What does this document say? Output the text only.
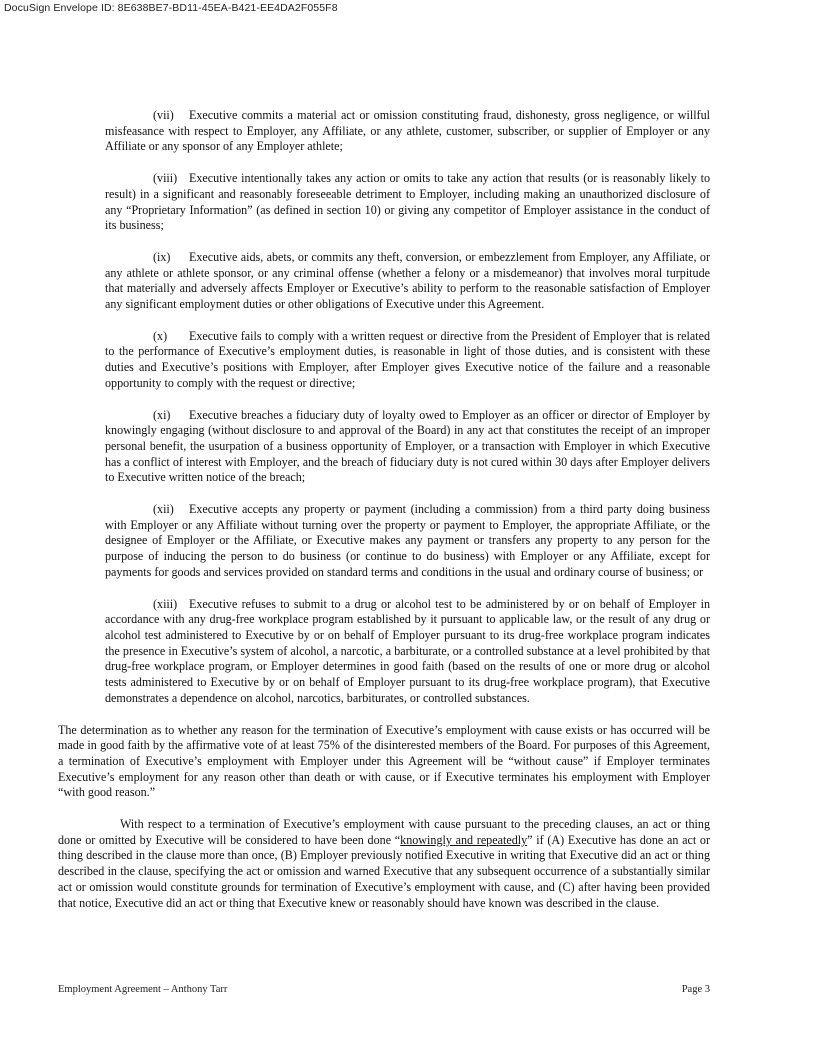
DocuSign Envelope ID: 8E638BE7-BD11-45EA-B421-EE4DA2F055F8

(vii) Executive commits a material act or omission constituting fraud, dishonesty, gross negligence, or willful misfeasance with respect to Employer, any Affiliate, or any athlete, customer, subscriber, or supplier of Employer or any Affiliate or any sponsor of any Employer athlete;

(viii) Executive intentionally takes any action or omits to take any action that results (or is reasonably likely to result) in a significant and reasonably foreseeable detriment to Employer, including making an unauthorized disclosure of any “Proprietary Information” (as defined in section 10) or giving any competitor of Employer assistance in the conduct of its business;

(ix) Executive aids, abets, or commits any theft, conversion, or embezzlement from Employer, any Affiliate, or any athlete or athlete sponsor, or any criminal offense (whether a felony or a misdemeanor) that involves moral turpitude that materially and adversely affects Employer or Executive’s ability to perform to the reasonable satisfaction of Employer any significant employment duties or other obligations of Executive under this Agreement.

(x) Executive fails to comply with a written request or directive from the President of Employer that is related to the performance of Executive’s employment duties, is reasonable in light of those duties, and is consistent with these duties and Executive’s positions with Employer, after Employer gives Executive notice of the failure and a reasonable opportunity to comply with the request or directive;

(xi) Executive breaches a fiduciary duty of loyalty owed to Employer as an officer or director of Employer by knowingly engaging (without disclosure to and approval of the Board) in any act that constitutes the receipt of an improper personal benefit, the usurpation of a business opportunity of Employer, or a transaction with Employer in which Executive has a conflict of interest with Employer, and the breach of fiduciary duty is not cured within 30 days after Employer delivers to Executive written notice of the breach;

(xii) Executive accepts any property or payment (including a commission) from a third party doing business with Employer or any Affiliate without turning over the property or payment to Employer, the appropriate Affiliate, or the designee of Employer or the Affiliate, or Executive makes any payment or transfers any property to any person for the purpose of inducing the person to do business (or continue to do business) with Employer or any Affiliate, except for payments for goods and services provided on standard terms and conditions in the usual and ordinary course of business; or

(xiii) Executive refuses to submit to a drug or alcohol test to be administered by or on behalf of Employer in accordance with any drug-free workplace program established by it pursuant to applicable law, or the result of any drug or alcohol test administered to Executive by or on behalf of Employer pursuant to its drug-free workplace program indicates the presence in Executive’s system of alcohol, a narcotic, a barbiturate, or a controlled substance at a level prohibited by that drug-free workplace program, or Employer determines in good faith (based on the results of one or more drug or alcohol tests administered to Executive by or on behalf of Employer pursuant to its drug-free workplace program), that Executive demonstrates a dependence on alcohol, narcotics, barbiturates, or controlled substances.

The determination as to whether any reason for the termination of Executive’s employment with cause exists or has occurred will be made in good faith by the affirmative vote of at least 75% of the disinterested members of the Board. For purposes of this Agreement, a termination of Executive’s employment with Employer under this Agreement will be “without cause” if Employer terminates Executive’s employment for any reason other than death or with cause, or if Executive terminates his employment with Employer “with good reason.”

With respect to a termination of Executive’s employment with cause pursuant to the preceding clauses, an act or thing done or omitted by Executive will be considered to have been done “knowingly and repeatedly” if (A) Executive has done an act or thing described in the clause more than once, (B) Employer previously notified Executive in writing that Executive did an act or thing described in the clause, specifying the act or omission and warned Executive that any subsequent occurrence of a substantially similar act or omission would constitute grounds for termination of Executive’s employment with cause, and (C) after having been provided that notice, Executive did an act or thing that Executive knew or reasonably should have known was described in the clause.

Employment Agreement – Anthony Tarr	Page 3
